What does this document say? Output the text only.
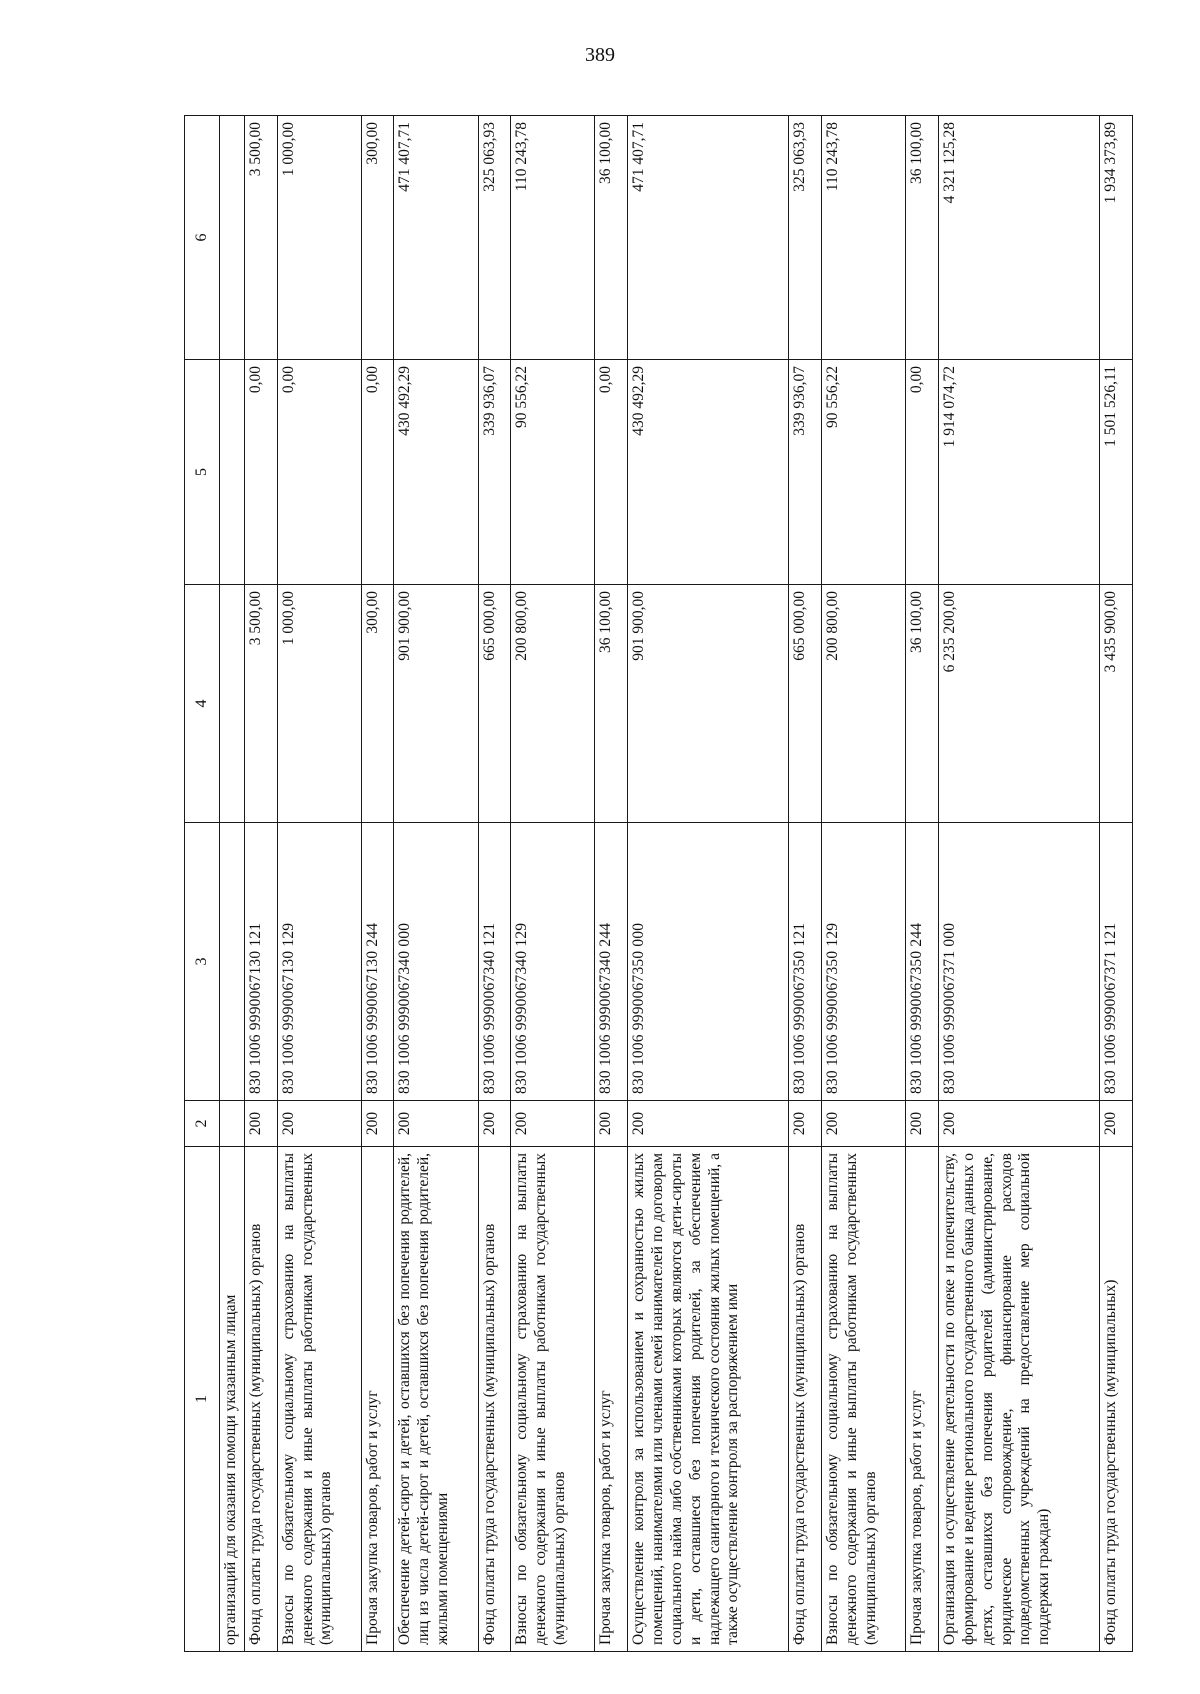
389
1	2	3	4	5	6
организаций для оказания помощи указанным лицам					
Фонд оплаты труда государственных (муниципальных) органов	200	830 1006 9990067130 121	3 500,00	0,00	3 500,00
Взносы по обязательному социальному страхованию на выплаты денежного содержания и иные выплаты работникам государственных (муниципальных) органов	200	830 1006 9990067130 129	1 000,00	0,00	1 000,00
Прочая закупка товаров, работ и услуг	200	830 1006 9990067130 244	300,00	0,00	300,00
Обеспечение детей-сирот и детей, оставшихся без попечения родителей, лиц из числа детей-сирот и детей, оставшихся без попечения родителей, жилыми помещениями	200	830 1006 9990067340 000	901 900,00	430 492,29	471 407,71
Фонд оплаты труда государственных (муниципальных) органов	200	830 1006 9990067340 121	665 000,00	339 936,07	325 063,93
Взносы по обязательному социальному страхованию на выплаты денежного содержания и иные выплаты работникам государственных (муниципальных) органов	200	830 1006 9990067340 129	200 800,00	90 556,22	110 243,78
Прочая закупка товаров, работ и услуг	200	830 1006 9990067340 244	36 100,00	0,00	36 100,00
Осуществление контроля за использованием и сохранностью жилых помещений, нанимателями или членами семей нанимателей по договорам социального найма либо собственниками которых являются дети-сироты и дети, оставшиеся без попечения родителей, за обеспечением надлежащего санитарного и технического состояния жилых помещений, а также осуществление контроля за распоряжением ими	200	830 1006 9990067350 000	901 900,00	430 492,29	471 407,71
Фонд оплаты труда государственных (муниципальных) органов	200	830 1006 9990067350 121	665 000,00	339 936,07	325 063,93
Взносы по обязательному социальному страхованию на выплаты денежного содержания и иные выплаты работникам государственных (муниципальных) органов	200	830 1006 9990067350 129	200 800,00	90 556,22	110 243,78
Прочая закупка товаров, работ и услуг	200	830 1006 9990067350 244	36 100,00	0,00	36 100,00
Организация и осуществление деятельности по опеке и попечительству, формирование и ведение регионального государственного банка данных о детях, оставшихся без попечения родителей (администрирование, юридическое сопровождение, финансирование расходов подведомственных учреждений на предоставление мер социальной поддержки граждан)	200	830 1006 9990067371 000	6 235 200,00	1 914 074,72	4 321 125,28
Фонд оплаты труда государственных (муниципальных)	200	830 1006 9990067371 121	3 435 900,00	1 501 526,11	1 934 373,89
